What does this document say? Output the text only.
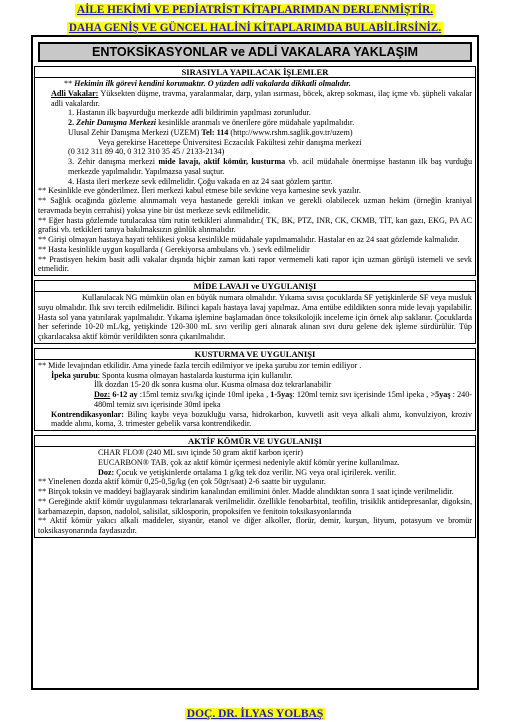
AİLE HEKİMİ VE PEDİATRİST KİTAPLARIMDAN DERLENMİŞTİR.
DAHA GENİŞ VE GÜNCEL HALİNİ KİTAPLARIMDA BULABİLİRSİNİZ.
ENTOKSİKASYONLAR ve ADLİ VAKALARA YAKLAŞIM
SIRASIYLA YAPILACAK İŞLEMLER

** Hekimin ilk görevi kendini korumaktır. O yüzden adli vakalarda dikkatli olmalıdır.

Adli Vakalar: Yüksekten düşme, travma, yaralanmalar, darp, yılan ısırması, böcek, akrep sokması, ilaç içme vb. şüpheli vakalar adli vakalardır.

1. Hastanın ilk başvurduğu merkezde adli bildirimin yapılması zorunludur.

2. Zehir Danışma Merkezi kesinlikle aranmalı ve önerilere göre müdahale yapılmalıdır.

Ulusal Zehir Danışma Merkezi (UZEM) Tel: 114 (http://www.rshm.saglik.gov.tr/uzem)

Veya gerekirse Hacettepe Üniversitesi Eczacılık Fakültesi zehir danışma merkezi

(0 312 311 89 40, 0 312 310 35 45 / 2133-2134)

3. Zehir danışma merkezi mide lavajı, aktif kömür, kusturma vb. acil müdahale önermişse hastanın ilk baş vurduğu merkezde yapılmalıdır. Yapılmazsa yasal suçtur.

4. Hasta ileri merkeze sevk edilmelidir. Çoğu vakada en az 24 saat gözlem şarttır.

** Kesinlikle eve gönderilmez. İleri merkezi kabul etmese bile sevkine veya karnesine sevk yazılır.

** Sağlık ocağında gözleme alınmamalı veya hastanede gerekli imkan ve gerekli olabilecek uzman hekim (örneğin kraniyal teravmada beyin cerrahisi) yoksa yine bir üst merkeze sevk edilmelidir.

** Eğer hasta gözlemde tutulacaksa tüm rutin tetkikleri alınmalıdır.( TK, BK, PTZ, INR, CK, CKMB, TİT, kan gazı, EKG, PA AC grafisi vb. tetkikleri tanıya bakılmaksızın günlük alınmalıdır.

** Girişi olmayan hastaya hayati tehlikesi yoksa kesinlikle müdahale yapılmamalıdır. Hastalar en az 24 saat gözlemde kalmalıdır.

** Hasta kesinlikle uygun koşullarda ( Gerekiyorsa ambulans vb. ) sevk edilmelidir

** Prastisyen hekim basit adli vakalar dışında hiçbir zaman kati rapor vermemeli kati rapor için uzman görüşü istemeli ve sevk etmelidir.

MİDE LAVAJI ve UYGULANIŞI

Kullanılacak NG mümkün olan en büyük numara olmalıdır. Yıkama sıvısı çocuklarda SF yetişkinlerde SF veya musluk suyu olmalıdır. Ilık sıvı tercih edilmelidir. Bilinci kapalı hastaya lavaj yapılmaz. Ama entübe edildikten sonra mide levajı yapılabilir. Hasta sol yana yatırılarak yapılmalıdır. Yıkama işlemine başlamadan önce toksikolojik inceleme için örnek alıp saklanır. Çocuklarda her seferinde 10-20 mL/kg, yetişkinde 120-300 mL sıvı verilip geri alınarak alınan sıvı duru gelene dek işleme sürdürülür. Tüp çıkarılacaksa aktif kömür verildikten sonra çıkarılmalıdır.

KUSTURMA VE UYGULANIŞI

** Mide levajından etkilidir. Ama yinede fazla tercih edilmiyor ve ipeka şurubu zor temin ediliyor .

İpeka şurubu: Sponta kusma olmayan hastalarda kusturma için kullanılır.

İlk dozdan 15-20 dk sonra kusma olur. Kusma olmasa doz tekrarlanabilir

Doz: 6-12 ay :15ml temiz sıvı/kg içinde 10ml ipeka , 1-5yaş: 120ml temiz sıvı içerisinde 15ml ipeka , >5yaş : 240-480ml temiz sıvı içerisinde 30ml ipeka

Kontrendikasyonlar: Bilinç kaybı veya bozukluğu varsa, hidrokarbon, kuvvetli asit veya alkali alımı, konvulziyon, kroziv madde alımı, koma, 3. trimester gebelik varsa kontrendikedir.

AKTİF KÖMÜR VE UYGULANIŞI

CHAR FLO® (240 ML sıvı içinde 50 gram aktif karbon içerir)

EUCARBON® TAB. çok az aktif kömür içermesi nedeniyle aktif kömür yerine kullanılmaz.

Doz: Çocuk ve yetişkinlerde ortalama 1 g/kg tek doz verilir. NG veya oral içirilerek. verilir.

** Yinelenen dozda aktif kömür 0,25-0,5g/kg (en çok 50gr/saat) 2-6 saatte bir uygulanır.

** Birçok toksin ve maddeyi bağlayarak sindirim kanalından emilimini önler. Madde alındıktan sonra 1 saat içinde verilmelidir.

** Gereğinde aktif kömür uygulanması tekrarlanarak verilmelidir. özellikle fenobarbital, teofilin, trisiklik antidepresanlar, digoksin, karbamazepin, dapson, nadolol, salisilat, siklosporin, propoksifen ve fenitoin toksikasyonlarında

** Aktif kömür yakıcı alkali maddeler, siyanür, etanol ve diğer alkoller, florür, demir, kurşun, lityum, potasyum ve bromür toksikasyonarında faydasızdır.

DOÇ. DR. İLYAS YOLBAŞ
